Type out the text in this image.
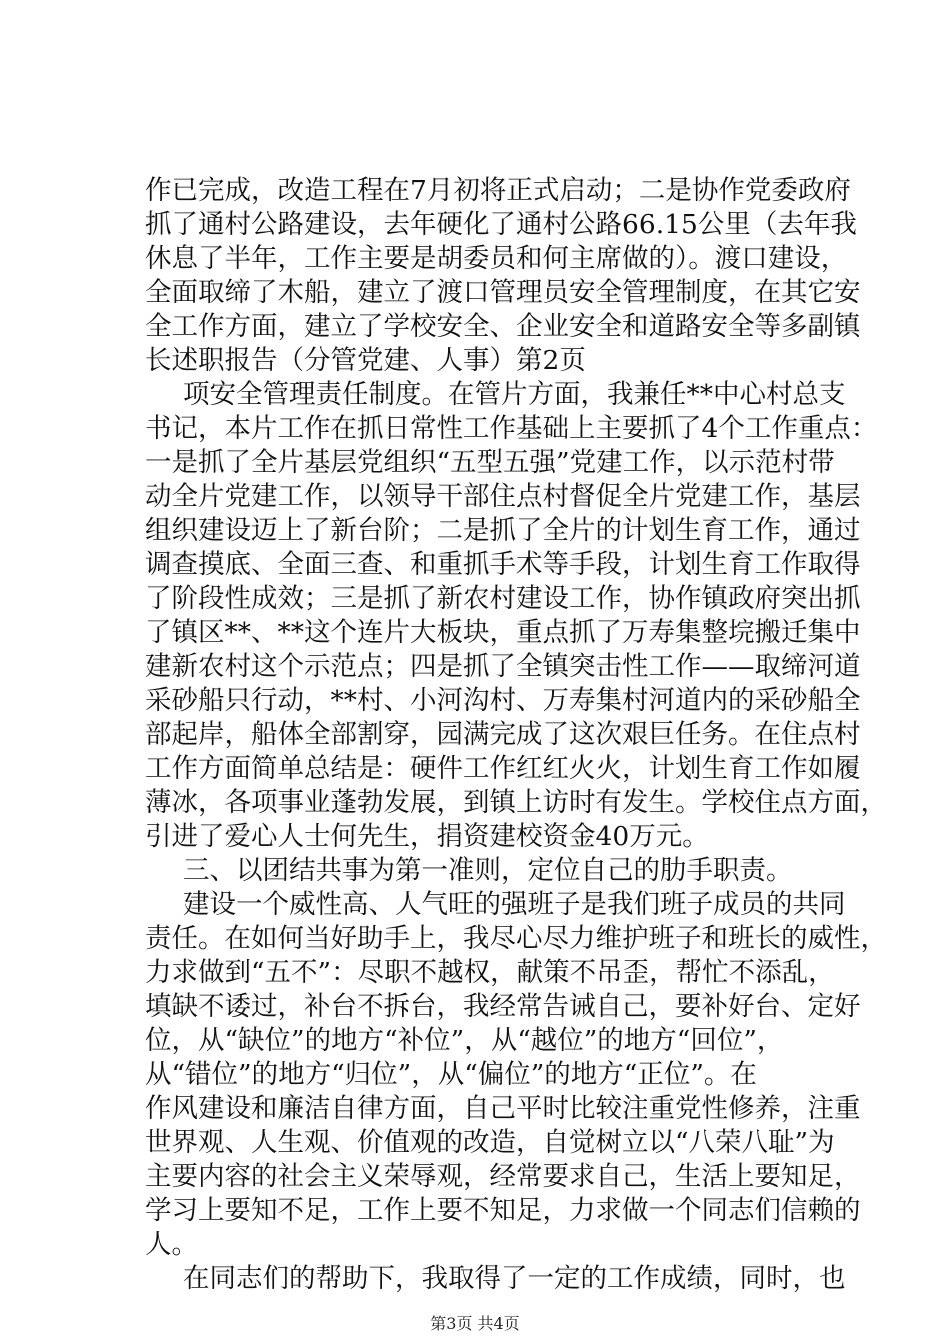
作已完成，改造工程在7月初将正式启动；二是协作党委政府
抓了通村公路建设，去年硬化了通村公路66.15公里（去年我
休息了半年，工作主要是胡委员和何主席做的）。渡口建设，
全面取缔了木船，建立了渡口管理员安全管理制度，在其它安
全工作方面，建立了学校安全、企业安全和道路安全等多副镇
长述职报告（分管党建、人事）第2页
项安全管理责任制度。在管片方面，我兼任**中心村总支
书记，本片工作在抓日常性工作基础上主要抓了4个工作重点：
一是抓了全片基层党组织“五型五强”党建工作，以示范村带
动全片党建工作，以领导干部住点村督促全片党建工作，基层
组织建设迈上了新台阶；二是抓了全片的计划生育工作，通过
调查摸底、全面三查、和重抓手术等手段，计划生育工作取得
了阶段性成效；三是抓了新农村建设工作，协作镇政府突出抓
了镇区**、**这个连片大板块，重点抓了万寿集整垸搬迁集中
建新农村这个示范点；四是抓了全镇突击性工作——取缔河道
采砂船只行动，**村、小河沟村、万寿集村河道内的采砂船全
部起岸，船体全部割穿，园满完成了这次艰巨任务。在住点村
工作方面简单总结是：硬件工作红红火火，计划生育工作如履
薄冰，各项事业蓬勃发展，到镇上访时有发生。学校住点方面，
引进了爱心人士何先生，捐资建校资金40万元。
三、以团结共事为第一准则，定位自己的肋手职责。
建设一个威性高、人气旺的强班子是我们班子成员的共同
责任。在如何当好助手上，我尽心尽力维护班子和班长的威性，
力求做到“五不”：尽职不越权，献策不吊歪，帮忙不添乱，
填缺不诿过，补台不拆台，我经常告诫自己，要补好台、定好
位，从“缺位”的地方“补位”，从“越位”的地方“回位”，
从“错位”的地方“归位”，从“偏位”的地方“正位”。在
作风建设和廉洁自律方面，自己平时比较注重党性修养，注重
世界观、人生观、价值观的改造，自觉树立以“八荣八耻”为
主要内容的社会主义荣辱观，经常要求自己，生活上要知足，
学习上要知不足，工作上要不知足，力求做一个同志们信赖的
人。
在同志们的帮助下，我取得了一定的工作成绩，同时，也
第3页 共4页
